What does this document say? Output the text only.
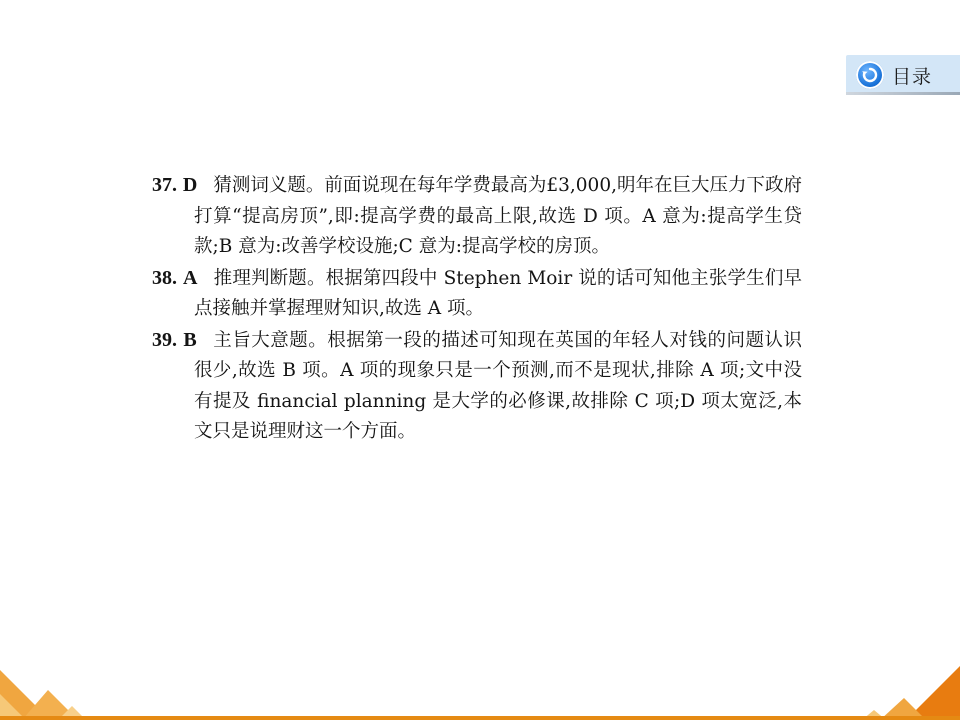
目录

37. D 猜测词义题。前面说现在每年学费最高为£3,000,明年在巨大压力下政府打算“提高房顶”,即:提高学费的最高上限,故选 D 项。A 意为:提高学生贷款;B 意为:改善学校设施;C 意为:提高学校的房顶。

38. A 推理判断题。根据第四段中 Stephen Moir 说的话可知他主张学生们早点接触并掌握理财知识,故选 A 项。

39. B 主旨大意题。根据第一段的描述可知现在英国的年轻人对钱的问题认识很少,故选 B 项。A 项的现象只是一个预测,而不是现状,排除 A 项;文中没有提及 financial planning 是大学的必修课,故排除 C 项;D 项太宽泛,本文只是说理财这一个方面。
